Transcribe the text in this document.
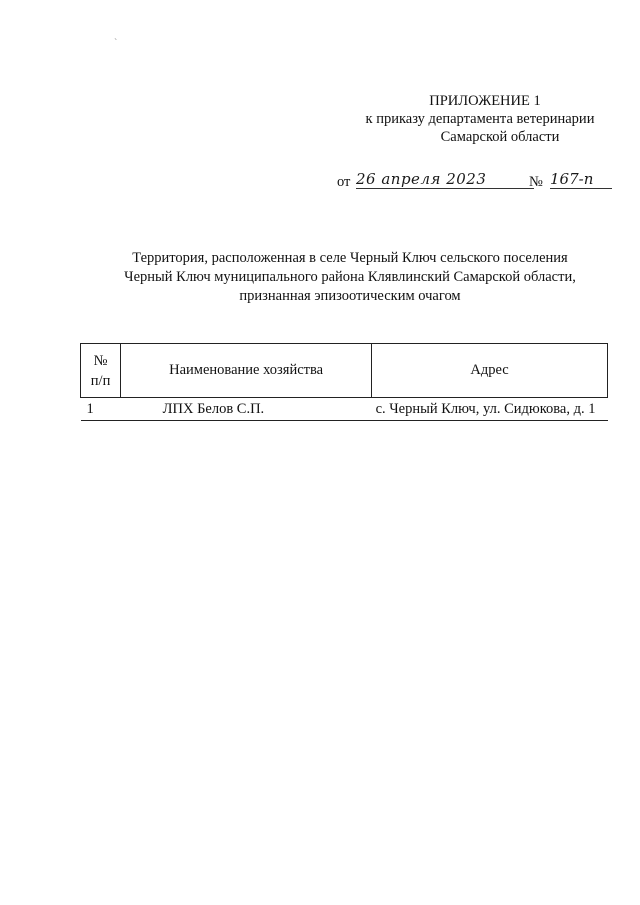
`
ПРИЛОЖЕНИЕ 1
к приказу департамента ветеринарии
Самарской области
от 26 апреля 2023	№ 167-п
Территория, расположенная в селе Черный Ключ сельского поселения
Черный Ключ муниципального района Клявлинский Самарской области,
признанная эпизоотическим очагом
№
п/п	Наименование хозяйства	Адрес
1	ЛПХ Белов С.П.	с. Черный Ключ, ул. Сидюкова, д. 1
